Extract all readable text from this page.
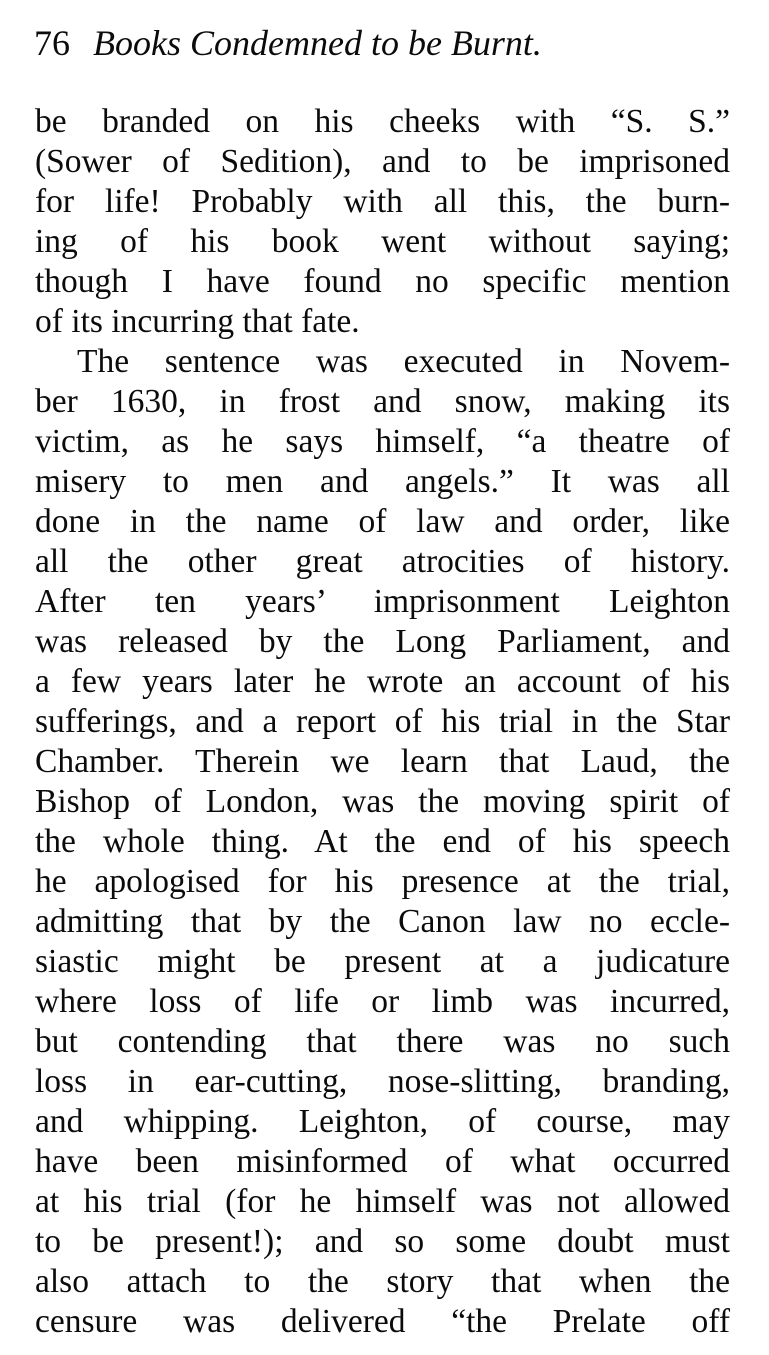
76 Books Condemned to be Burnt.
be branded on his cheeks with “S. S.”
(Sower of Sedition), and to be imprisoned
for life! Probably with all this, the burn-
ing of his book went without saying;
though I have found no specific mention
of its incurring that fate.
The sentence was executed in Novem-
ber 1630, in frost and snow, making its
victim, as he says himself, “a theatre of
misery to men and angels.” It was all
done in the name of law and order, like
all the other great atrocities of history.
After ten years’ imprisonment Leighton
was released by the Long Parliament, and
a few years later he wrote an account of his
sufferings, and a report of his trial in the Star
Chamber. Therein we learn that Laud, the
Bishop of London, was the moving spirit of
the whole thing. At the end of his speech
he apologised for his presence at the trial,
admitting that by the Canon law no eccle-
siastic might be present at a judicature
where loss of life or limb was incurred,
but contending that there was no such
loss in ear-cutting, nose-slitting, branding,
and whipping. Leighton, of course, may
have been misinformed of what occurred
at his trial (for he himself was not allowed
to be present!); and so some doubt must
also attach to the story that when the
censure was delivered “the Prelate off
